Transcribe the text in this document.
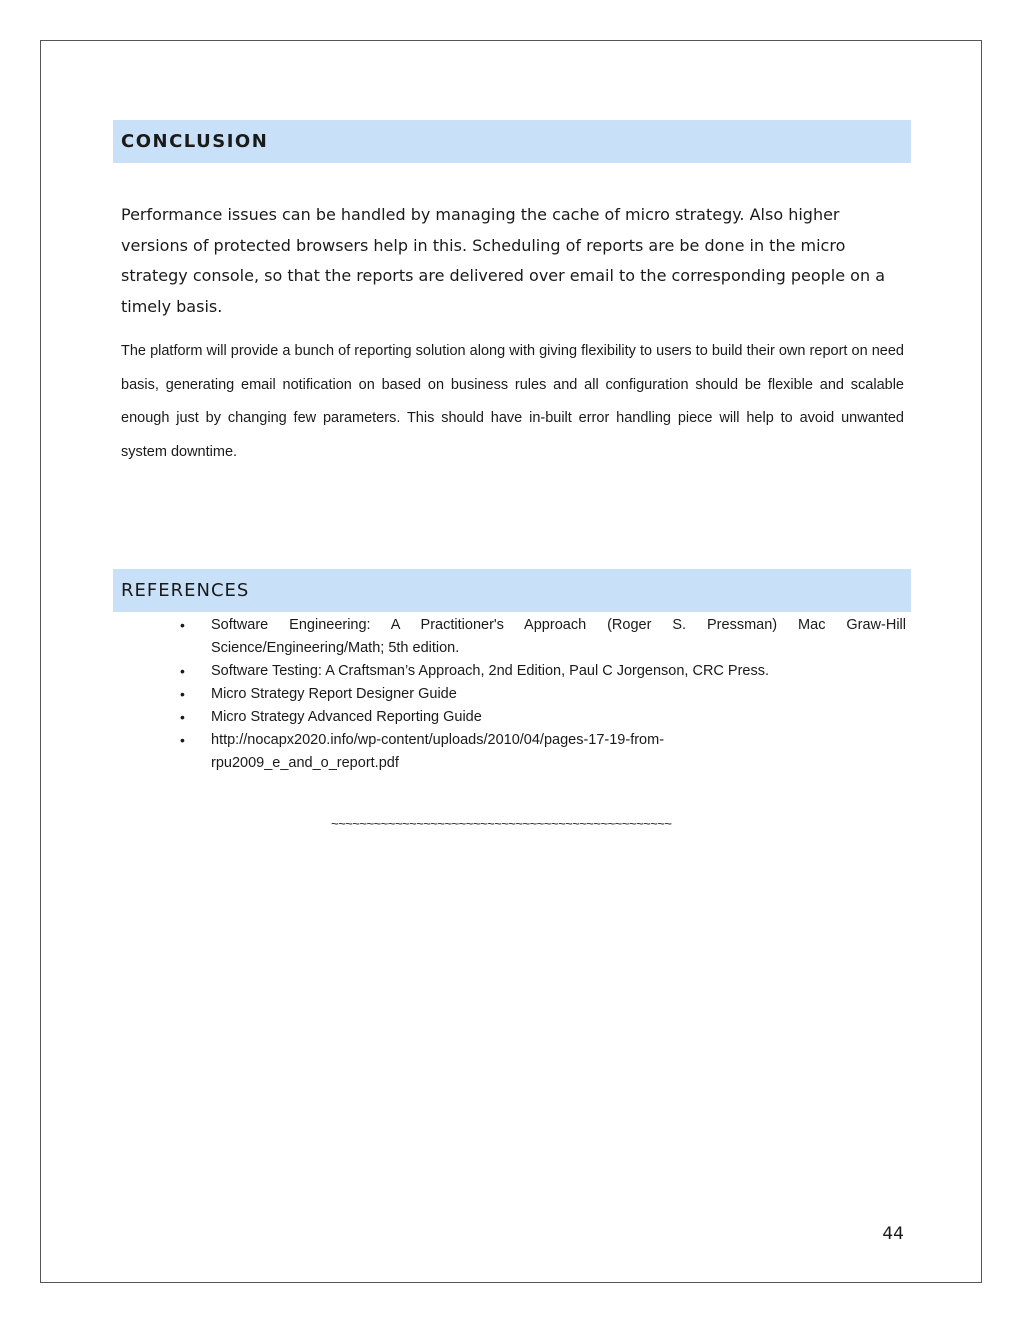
CONCLUSION

Performance issues can be handled by managing the cache of micro strategy. Also higher versions of protected browsers help in this. Scheduling of reports are be done in the micro strategy console, so that the reports are delivered over email to the corresponding people on a timely basis.

The platform will provide a bunch of reporting solution along with giving flexibility to users to build their own report on need basis, generating email notification on based on business rules and all configuration should be flexible and scalable enough just by changing few parameters. This should have in-built error handling piece will help to avoid unwanted system downtime.

REFERENCES
• Software Engineering: A Practitioner's Approach (Roger S. Pressman) Mac Graw-Hill Science/Engineering/Math; 5th edition.
• Software Testing: A Craftsman’s Approach, 2nd Edition, Paul C Jorgenson, CRC Press.
• Micro Strategy Report Designer Guide
• Micro Strategy Advanced Reporting Guide
• http://nocapx2020.info/wp-content/uploads/2010/04/pages-17-19-from-
rpu2009_e_and_o_report.pdf
~~~~~~~~~~~~~~~~~~~~~~~~~~~~~~~~~~~~~~~~~~~~~~~~
44
